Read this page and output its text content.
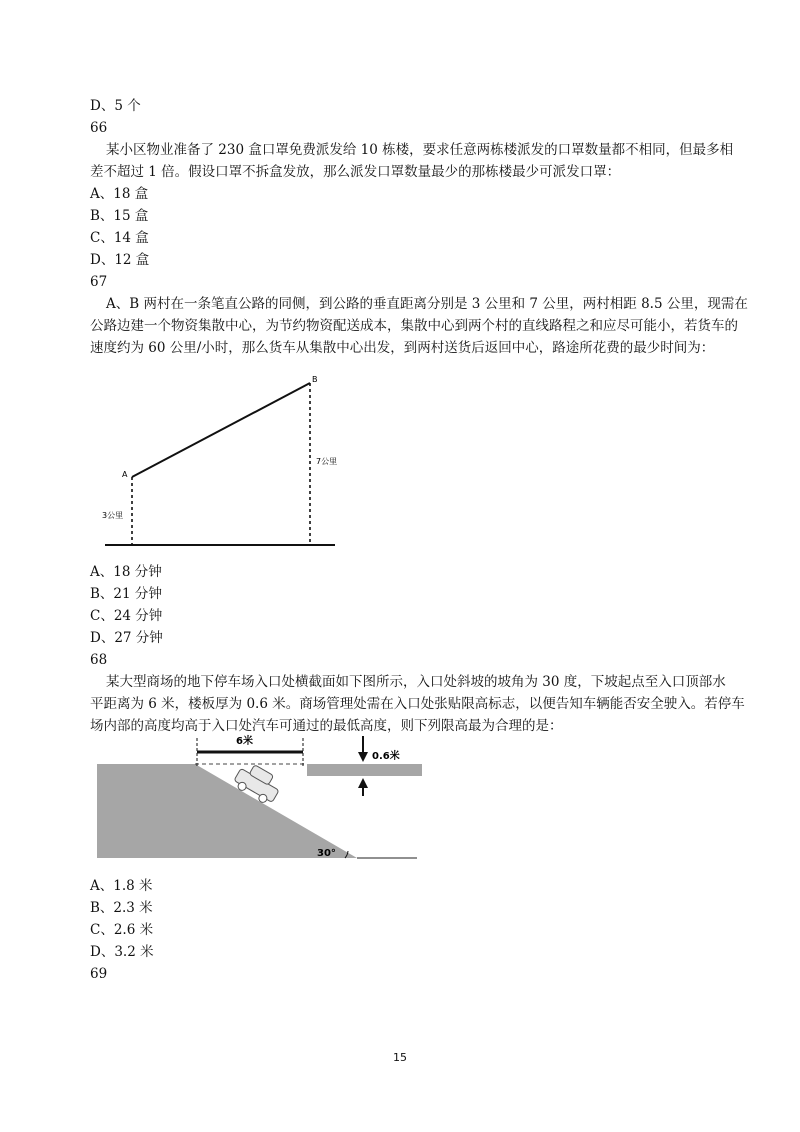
D、5 个
66
某小区物业准备了 230 盒口罩免费派发给 10 栋楼，要求任意两栋楼派发的口罩数量都不相同，但最多相
差不超过 1 倍。假设口罩不拆盒发放，那么派发口罩数量最少的那栋楼最少可派发口罩：
A、18 盒
B、15 盒
C、14 盒
D、12 盒
67
A、B 两村在一条笔直公路的同侧，到公路的垂直距离分别是 3 公里和 7 公里，两村相距 8.5 公里，现需在
公路边建一个物资集散中心，为节约物资配送成本，集散中心到两个村的直线路程之和应尽可能小，若货车的
速度约为 60 公里/小时，那么货车从集散中心出发，到两村送货后返回中心，路途所花费的最少时间为：
A
B
3公里
7公里
A、18 分钟
B、21 分钟
C、24 分钟
D、27 分钟
68
某大型商场的地下停车场入口处横截面如下图所示，入口处斜坡的坡角为 30 度，下坡起点至入口顶部水
平距离为 6 米，楼板厚为 0.6 米。商场管理处需在入口处张贴限高标志，以便告知车辆能否安全驶入。若停车
场内部的高度均高于入口处汽车可通过的最低高度，则下列限高最为合理的是：
6米
0.6米
30°
A、1.8 米
B、2.3 米
C、2.6 米
D、3.2 米
69
15
